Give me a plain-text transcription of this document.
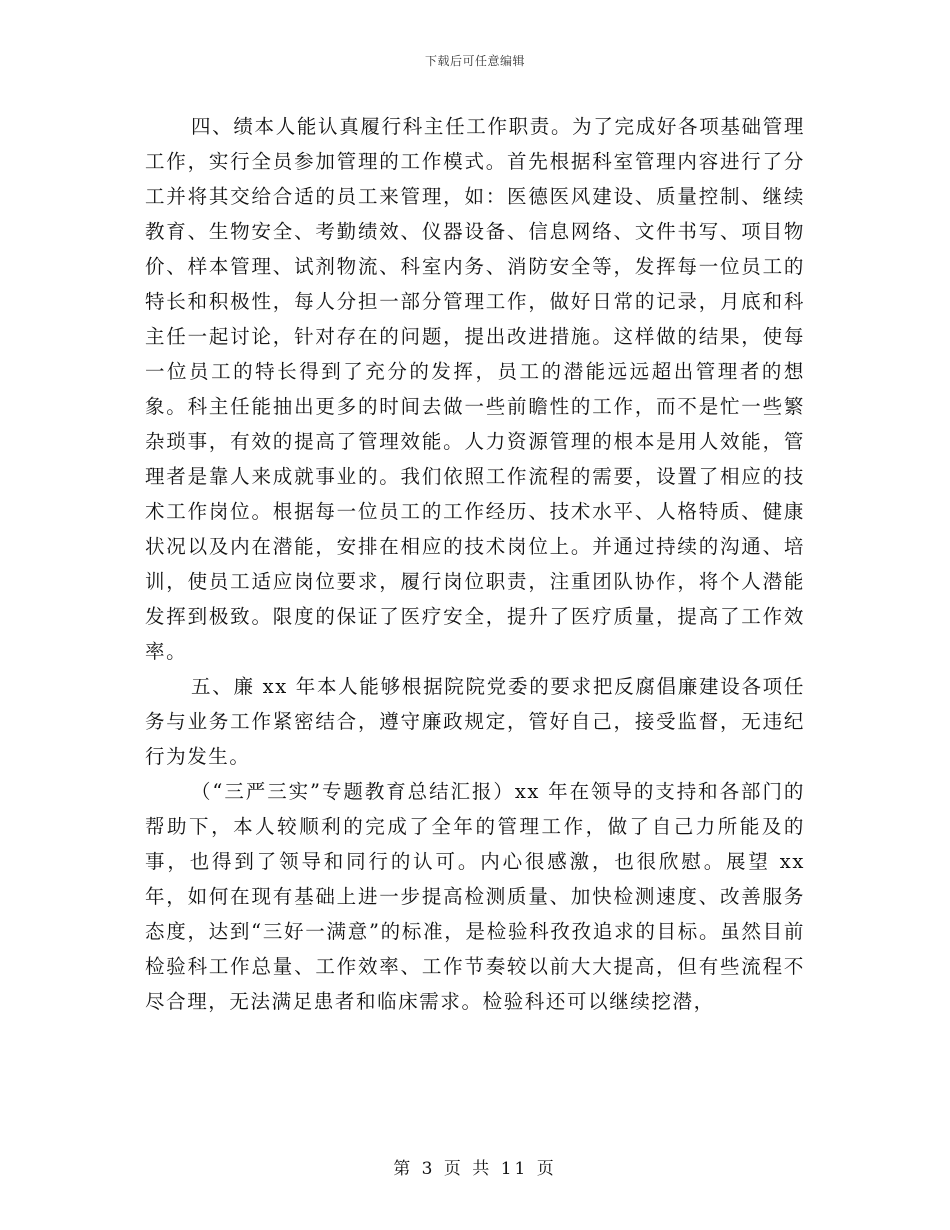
下载后可任意编辑

四、绩本人能认真履行科主任工作职责。为了完成好各项基础管理工作，实行全员参加管理的工作模式。首先根据科室管理内容进行了分工并将其交给合适的员工来管理，如：医德医风建设、质量控制、继续教育、生物安全、考勤绩效、仪器设备、信息网络、文件书写、项目物价、样本管理、试剂物流、科室内务、消防安全等，发挥每一位员工的特长和积极性，每人分担一部分管理工作，做好日常的记录，月底和科主任一起讨论，针对存在的问题，提出改进措施。这样做的结果，使每一位员工的特长得到了充分的发挥，员工的潜能远远超出管理者的想象。科主任能抽出更多的时间去做一些前瞻性的工作，而不是忙一些繁杂琐事，有效的提高了管理效能。人力资源管理的根本是用人效能，管理者是靠人来成就事业的。我们依照工作流程的需要，设置了相应的技术工作岗位。根据每一位员工的工作经历、技术水平、人格特质、健康状况以及内在潜能，安排在相应的技术岗位上。并通过持续的沟通、培训，使员工适应岗位要求，履行岗位职责，注重团队协作，将个人潜能发挥到极致。限度的保证了医疗安全，提升了医疗质量，提高了工作效率。

五、廉 xx 年本人能够根据院院党委的要求把反腐倡廉建设各项任务与业务工作紧密结合，遵守廉政规定，管好自己，接受监督，无违纪行为发生。

（“三严三实”专题教育总结汇报）xx 年在领导的支持和各部门的帮助下，本人较顺利的完成了全年的管理工作，做了自己力所能及的事，也得到了领导和同行的认可。内心很感激，也很欣慰。展望 xx 年，如何在现有基础上进一步提高检测质量、加快检测速度、改善服务态度，达到“三好一满意”的标准，是检验科孜孜追求的目标。虽然目前检验科工作总量、工作效率、工作节奏较以前大大提高，但有些流程不尽合理，无法满足患者和临床需求。检验科还可以继续挖潜，

第 3 页 共 11 页
